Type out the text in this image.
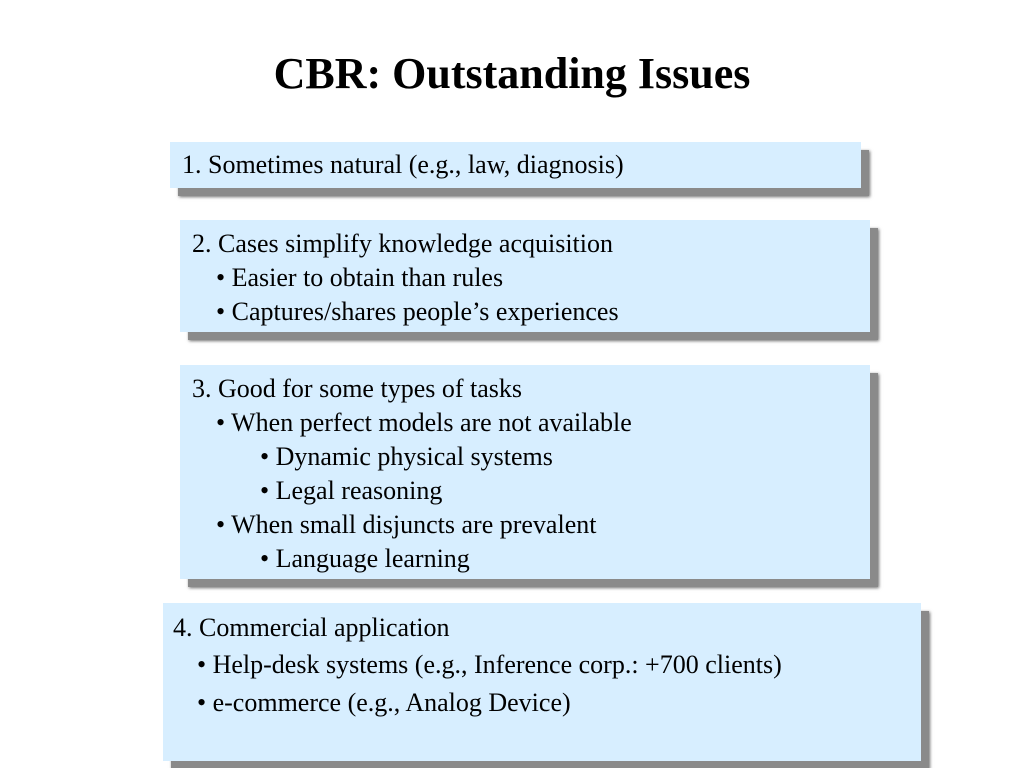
CBR: Outstanding Issues
1. Sometimes natural (e.g., law, diagnosis)
2. Cases simplify knowledge acquisition
• Easier to obtain than rules
• Captures/shares people’s experiences
3. Good for some types of tasks
• When perfect models are not available
• Dynamic physical systems
• Legal reasoning
• When small disjuncts are prevalent
• Language learning
4. Commercial application
• Help-desk systems (e.g., Inference corp.: +700 clients)
• e-commerce (e.g., Analog Device)
